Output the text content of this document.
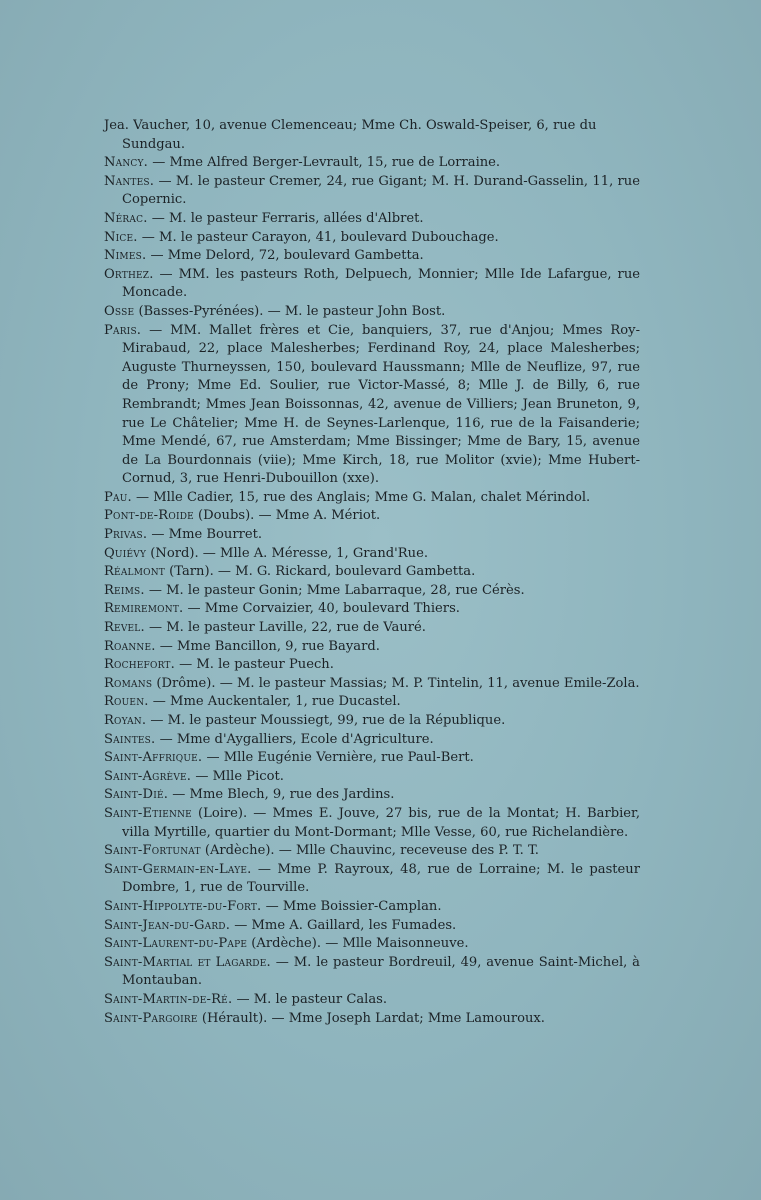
Jea. Vaucher, 10, avenue Clemenceau; Mme Ch. Oswald-Speiser, 6, rue du Sundgau.
Nancy. — Mme Alfred Berger-Levrault, 15, rue de Lorraine.
Nantes. — M. le pasteur Cremer, 24, rue Gigant; M. H. Durand-Gasselin, 11, rue Copernic.
Nérac. — M. le pasteur Ferraris, allées d'Albret.
Nice. — M. le pasteur Carayon, 41, boulevard Dubouchage.
Nimes. — Mme Delord, 72, boulevard Gambetta.
Orthez. — MM. les pasteurs Roth, Delpuech, Monnier; Mlle Ide Lafargue, rue Moncade.
Osse (Basses-Pyrénées). — M. le pasteur John Bost.
Paris. — MM. Mallet frères et Cie, banquiers, 37, rue d'Anjou; Mmes Roy-Mirabaud, 22, place Malesherbes; Ferdinand Roy, 24, place Malesherbes; Auguste Thurneyssen, 150, boulevard Haussmann; Mlle de Neuflize, 97, rue de Prony; Mme Ed. Soulier, rue Victor-Massé, 8; Mlle J. de Billy, 6, rue Rembrandt; Mmes Jean Boissonnas, 42, avenue de Villiers; Jean Bruneton, 9, rue Le Châtelier; Mme H. de Seynes-Larlenque, 116, rue de la Faisanderie; Mme Mendé, 67, rue Amsterdam; Mme Bissinger; Mme de Bary, 15, avenue de La Bourdonnais (viie); Mme Kirch, 18, rue Molitor (xvie); Mme Hubert-Cornud, 3, rue Henri-Dubouillon (xxe).
Pau. — Mlle Cadier, 15, rue des Anglais; Mme G. Malan, chalet Mérindol.
Pont-de-Roide (Doubs). — Mme A. Mériot.
Privas. — Mme Bourret.
Quiévy (Nord). — Mlle A. Méresse, 1, Grand'Rue.
Réalmont (Tarn). — M. G. Rickard, boulevard Gambetta.
Reims. — M. le pasteur Gonin; Mme Labarraque, 28, rue Cérès.
Remiremont. — Mme Corvaizier, 40, boulevard Thiers.
Revel. — M. le pasteur Laville, 22, rue de Vauré.
Roanne. — Mme Bancillon, 9, rue Bayard.
Rochefort. — M. le pasteur Puech.
Romans (Drôme). — M. le pasteur Massias; M. P. Tintelin, 11, avenue Emile-Zola.
Rouen. — Mme Auckentaler, 1, rue Ducastel.
Royan. — M. le pasteur Moussiegt, 99, rue de la République.
Saintes. — Mme d'Aygalliers, Ecole d'Agriculture.
Saint-Affrique. — Mlle Eugénie Vernière, rue Paul-Bert.
Saint-Agrève. — Mlle Picot.
Saint-Dié. — Mme Blech, 9, rue des Jardins.
Saint-Etienne (Loire). — Mmes E. Jouve, 27 bis, rue de la Montat; H. Barbier, villa Myrtille, quartier du Mont-Dormant; Mlle Vesse, 60, rue Richelandière.
Saint-Fortunat (Ardèche). — Mlle Chauvinc, receveuse des P. T. T.
Saint-Germain-en-Laye. — Mme P. Rayroux, 48, rue de Lorraine; M. le pasteur Dombre, 1, rue de Tourville.
Saint-Hippolyte-du-Fort. — Mme Boissier-Camplan.
Saint-Jean-du-Gard. — Mme A. Gaillard, les Fumades.
Saint-Laurent-du-Pape (Ardèche). — Mlle Maisonneuve.
Saint-Martial et Lagarde. — M. le pasteur Bordreuil, 49, avenue Saint-Michel, à Montauban.
Saint-Martin-de-Ré. — M. le pasteur Calas.
Saint-Pargoire (Hérault). — Mme Joseph Lardat; Mme Lamouroux.
